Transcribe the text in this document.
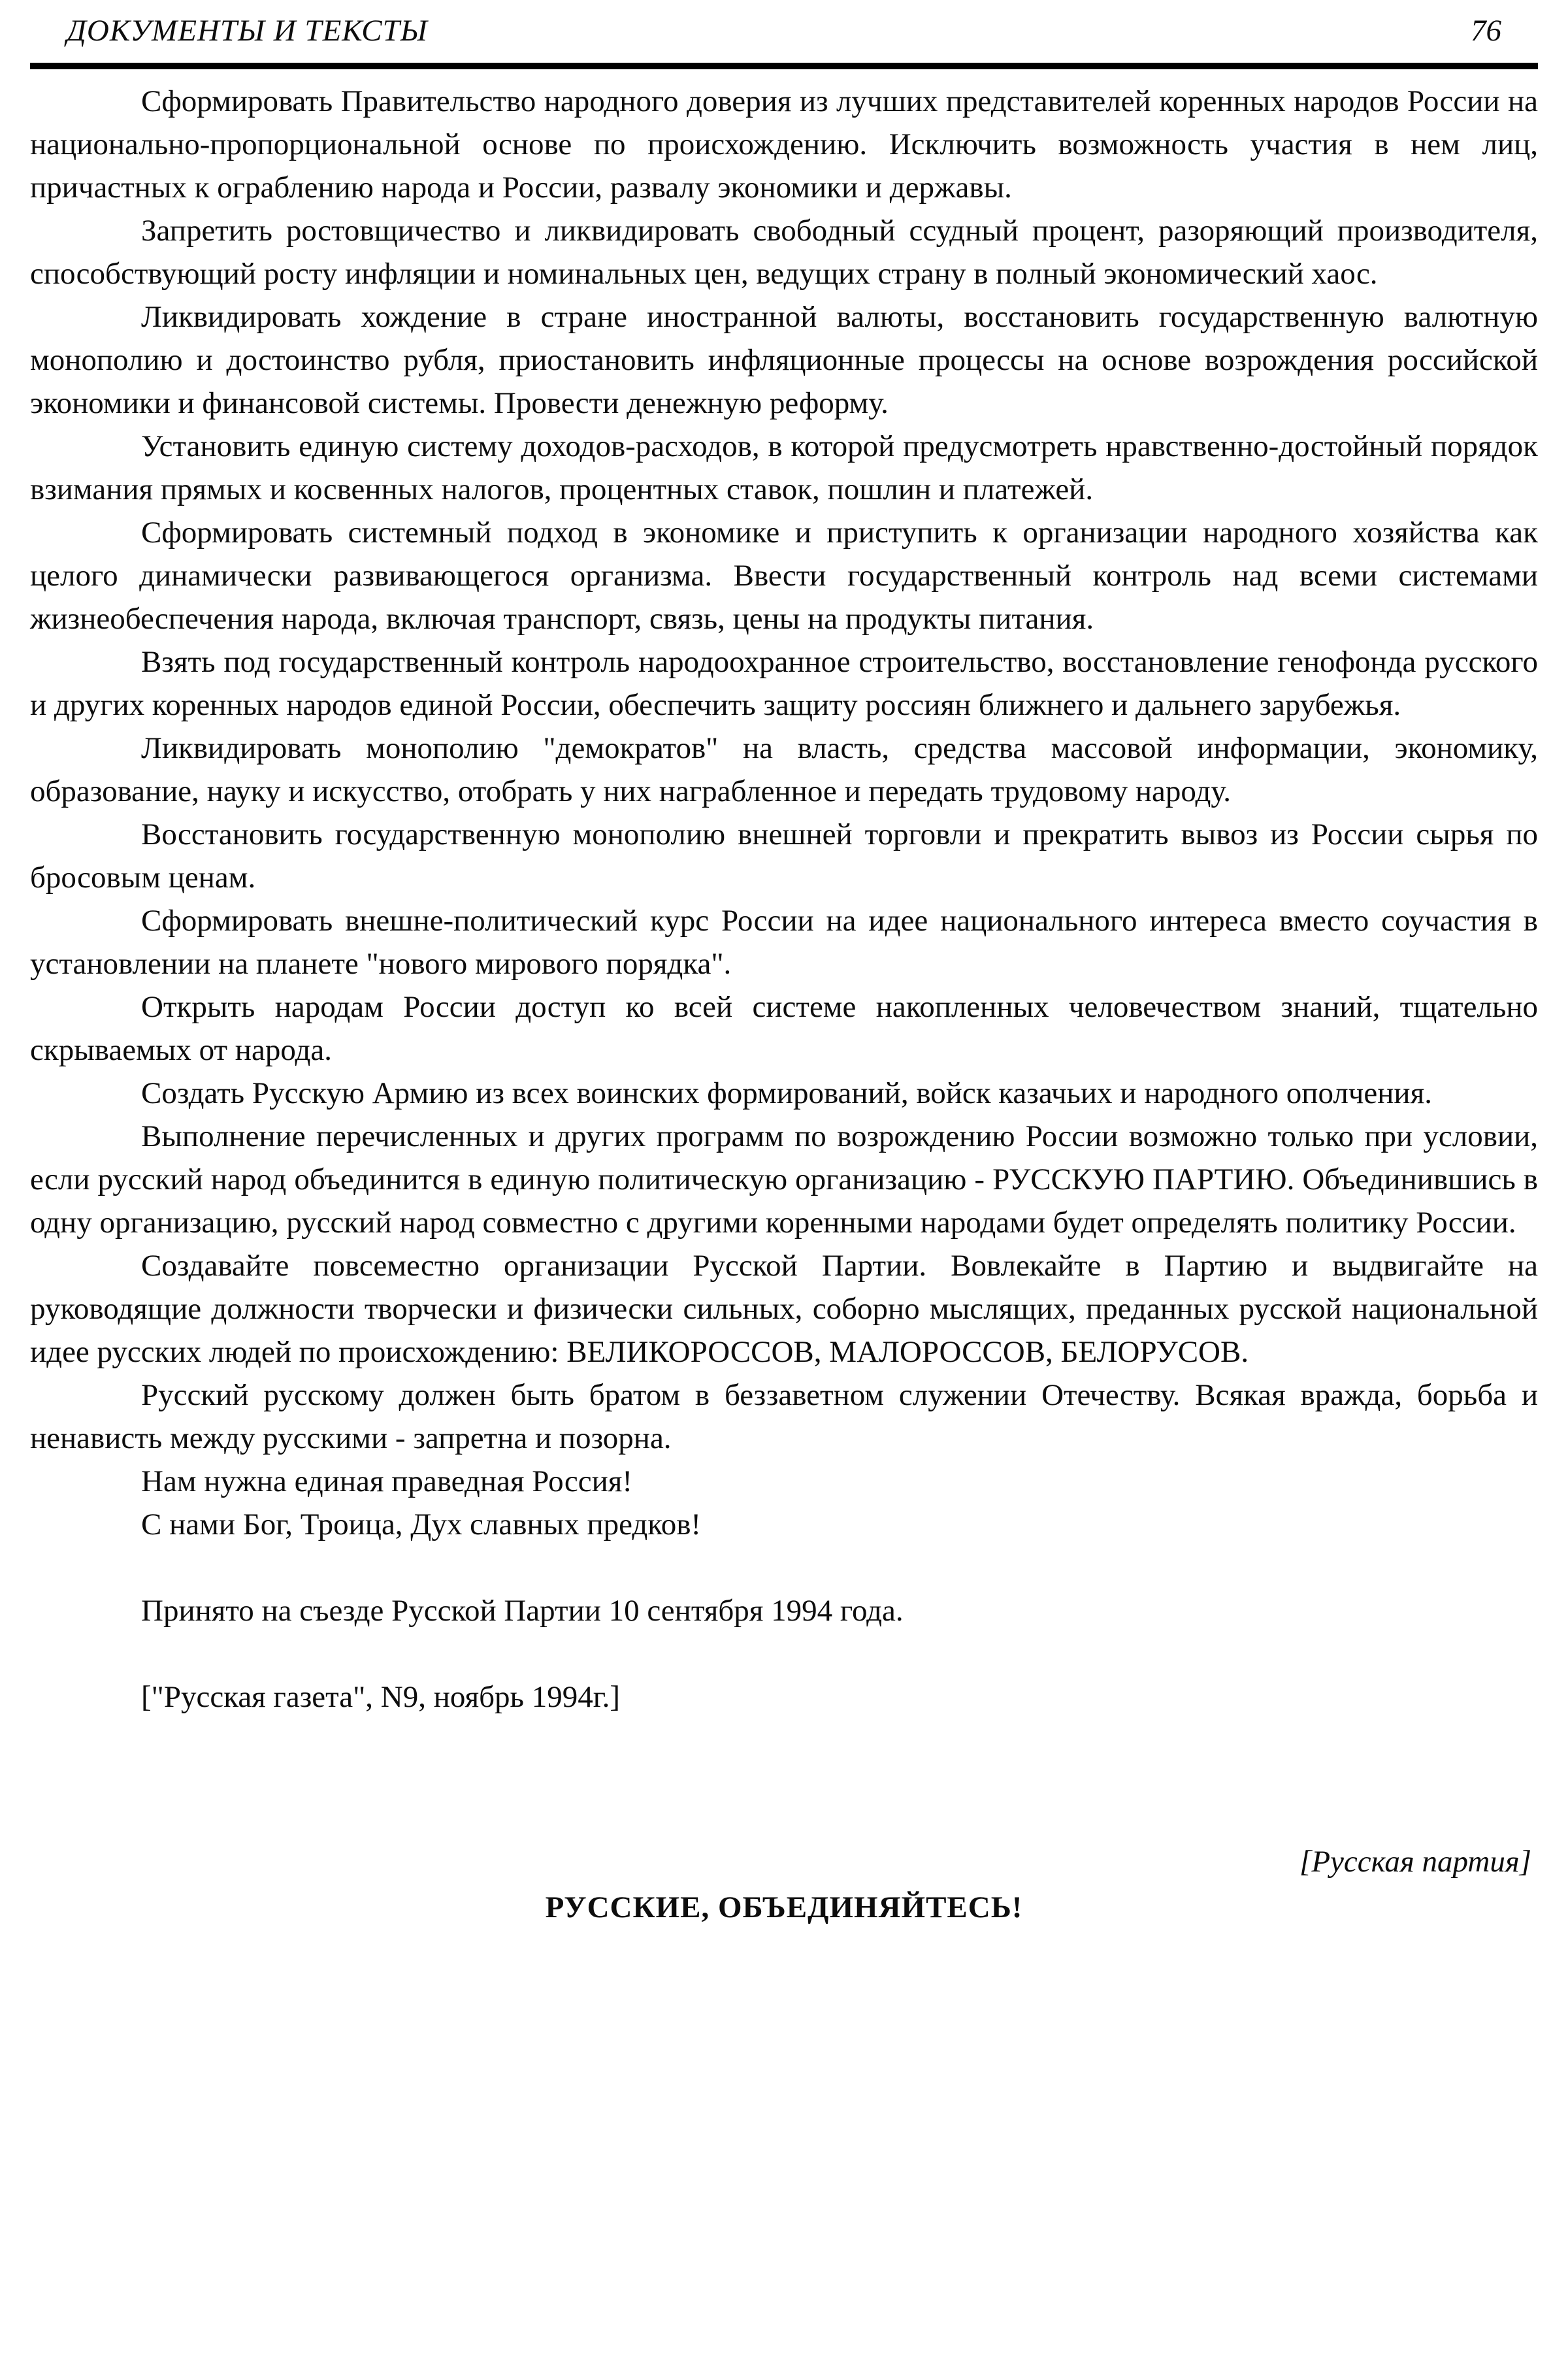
ДОКУМЕНТЫ И ТЕКСТЫ	76

Сформировать Правительство народного доверия из лучших представителей коренных народов России на национально-пропорциональной основе по происхождению. Исключить возможность участия в нем лиц, причастных к ограблению народа и России, развалу экономики и державы.

Запретить ростовщичество и ликвидировать свободный ссудный процент, разоряющий производителя, способствующий росту инфляции и номинальных цен, ведущих страну в полный экономический хаос.

Ликвидировать хождение в стране иностранной валюты, восстановить государственную валютную монополию и достоинство рубля, приостановить инфляционные процессы на основе возрождения российской экономики и финансовой системы. Провести денежную реформу.

Установить единую систему доходов-расходов, в которой предусмотреть нравственно-достойный порядок взимания прямых и косвенных налогов, процентных ставок, пошлин и платежей.

Сформировать системный подход в экономике и приступить к организации народного хозяйства как целого динамически развивающегося организма. Ввести государственный контроль над всеми системами жизнеобеспечения народа, включая транспорт, связь, цены на продукты питания.

Взять под государственный контроль народоохранное строительство, восстановление генофонда русского и других коренных народов единой России, обеспечить защиту россиян ближнего и дальнего зарубежья.

Ликвидировать монополию "демократов" на власть, средства массовой информации, экономику, образование, науку и искусство, отобрать у них награбленное и передать трудовому народу.

Восстановить государственную монополию внешней торговли и прекратить вывоз из России сырья по бросовым ценам.

Сформировать внешне-политический курс России на идее национального интереса вместо соучастия в установлении на планете "нового мирового порядка".

Открыть народам России доступ ко всей системе накопленных человечеством знаний, тщательно скрываемых от народа.

Создать Русскую Армию из всех воинских формирований, войск казачьих и народного ополчения.

Выполнение перечисленных и других программ по возрождению России возможно только при условии, если русский народ объединится в единую политическую организацию - РУССКУЮ ПАРТИЮ. Объединившись в одну организацию, русский народ совместно с другими коренными народами будет определять политику России.

Создавайте повсеместно организации Русской Партии. Вовлекайте в Партию и выдвигайте на руководящие должности творчески и физически сильных, соборно мыслящих, преданных русской национальной идее русских людей по происхождению: ВЕЛИКОРОССОВ, МАЛОРОССОВ, БЕЛОРУСОВ.

Русский русскому должен быть братом в беззаветном служении Отечеству. Всякая вражда, борьба и ненависть между русскими - запретна и позорна.

Нам нужна единая праведная Россия!

С нами Бог, Троица, Дух славных предков!

Принято на съезде Русской Партии 10 сентября 1994 года.

["Русская газета", N9, ноябрь 1994г.]

[Русская партия]

РУССКИЕ, ОБЪЕДИНЯЙТЕСЬ!
